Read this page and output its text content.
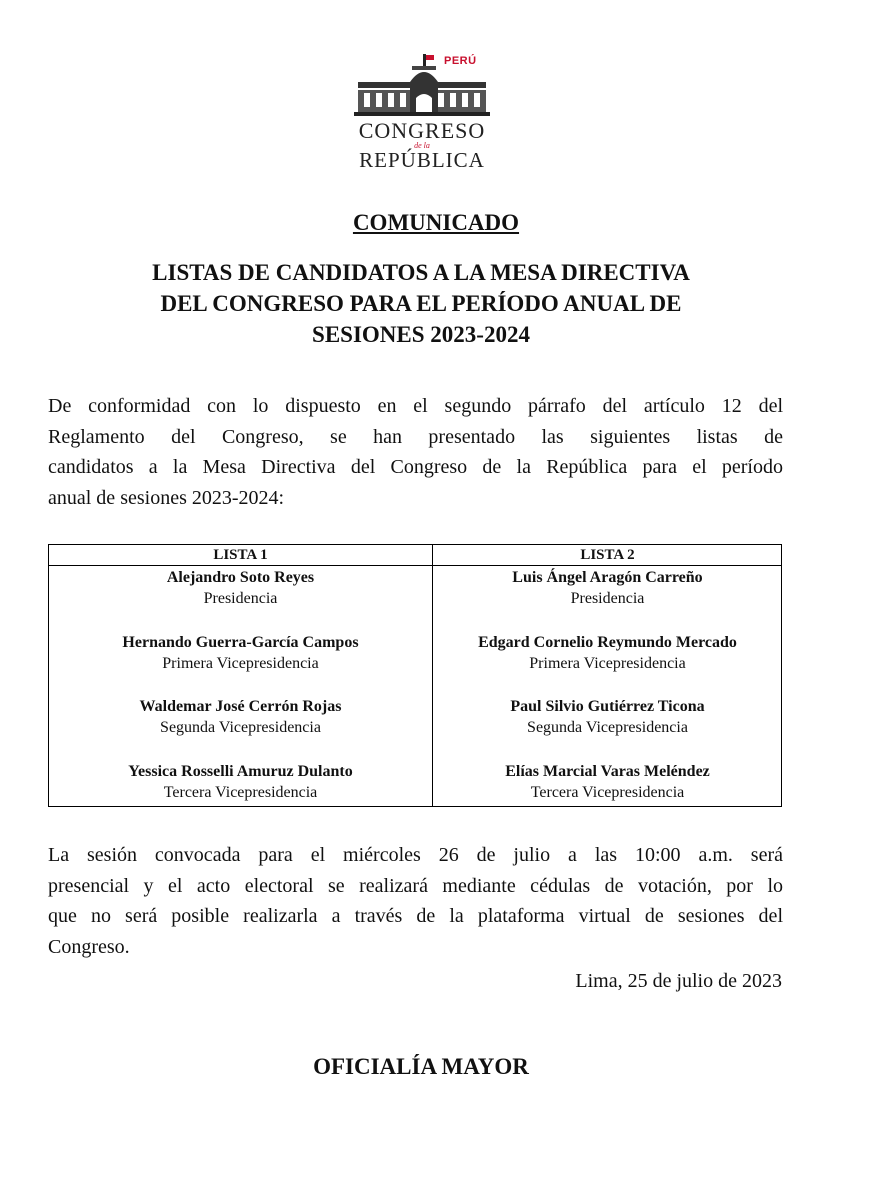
PERÚ
CONGRESO
de la
REPÚBLICA
COMUNICADO
LISTAS DE CANDIDATOS A LA MESA DIRECTIVA
DEL CONGRESO PARA EL PERÍODO ANUAL DE
SESIONES 2023-2024
De conformidad con lo dispuesto en el segundo párrafo del artículo 12 del
Reglamento del Congreso, se han presentado las siguientes listas de
candidatos a la Mesa Directiva del Congreso de la República para el período
anual de sesiones 2023-2024:
LISTA 1
Alejandro Soto Reyes
Presidencia
Hernando Guerra-García Campos
Primera Vicepresidencia
Waldemar José Cerrón Rojas
Segunda Vicepresidencia
Yessica Rosselli Amuruz Dulanto
Tercera Vicepresidencia
LISTA 2
Luis Ángel Aragón Carreño
Presidencia
Edgard Cornelio Reymundo Mercado
Primera Vicepresidencia
Paul Silvio Gutiérrez Ticona
Segunda Vicepresidencia
Elías Marcial Varas Meléndez
Tercera Vicepresidencia
La sesión convocada para el miércoles 26 de julio a las 10:00 a.m. será
presencial y el acto electoral se realizará mediante cédulas de votación, por lo
que no será posible realizarla a través de la plataforma virtual de sesiones del
Congreso.
Lima, 25 de julio de 2023
OFICIALÍA MAYOR
